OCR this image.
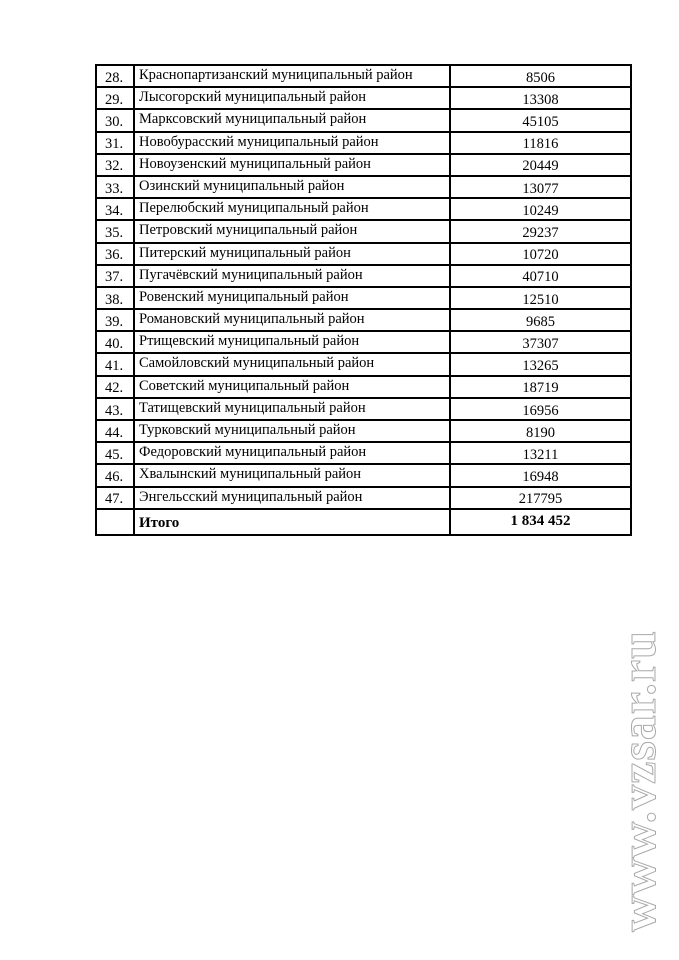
28.	Краснопартизанский муниципальный район	8506
29.	Лысогорский муниципальный район	13308
30.	Марксовский муниципальный район	45105
31.	Новобурасский муниципальный район	11816
32.	Новоузенский муниципальный район	20449
33.	Озинский муниципальный район	13077
34.	Перелюбский муниципальный район	10249
35.	Петровский муниципальный район	29237
36.	Питерский муниципальный район	10720
37.	Пугачёвский муниципальный район	40710
38.	Ровенский муниципальный район	12510
39.	Романовский муниципальный район	9685
40.	Ртищевский муниципальный район	37307
41.	Самойловский муниципальный район	13265
42.	Советский муниципальный район	18719
43.	Татищевский муниципальный район	16956
44.	Турковский муниципальный район	8190
45.	Федоровский муниципальный район	13211
46.	Хвалынский муниципальный район	16948
47.	Энгельсский муниципальный район	217795
	Итого	1 834 452
www.vzsar.ru
